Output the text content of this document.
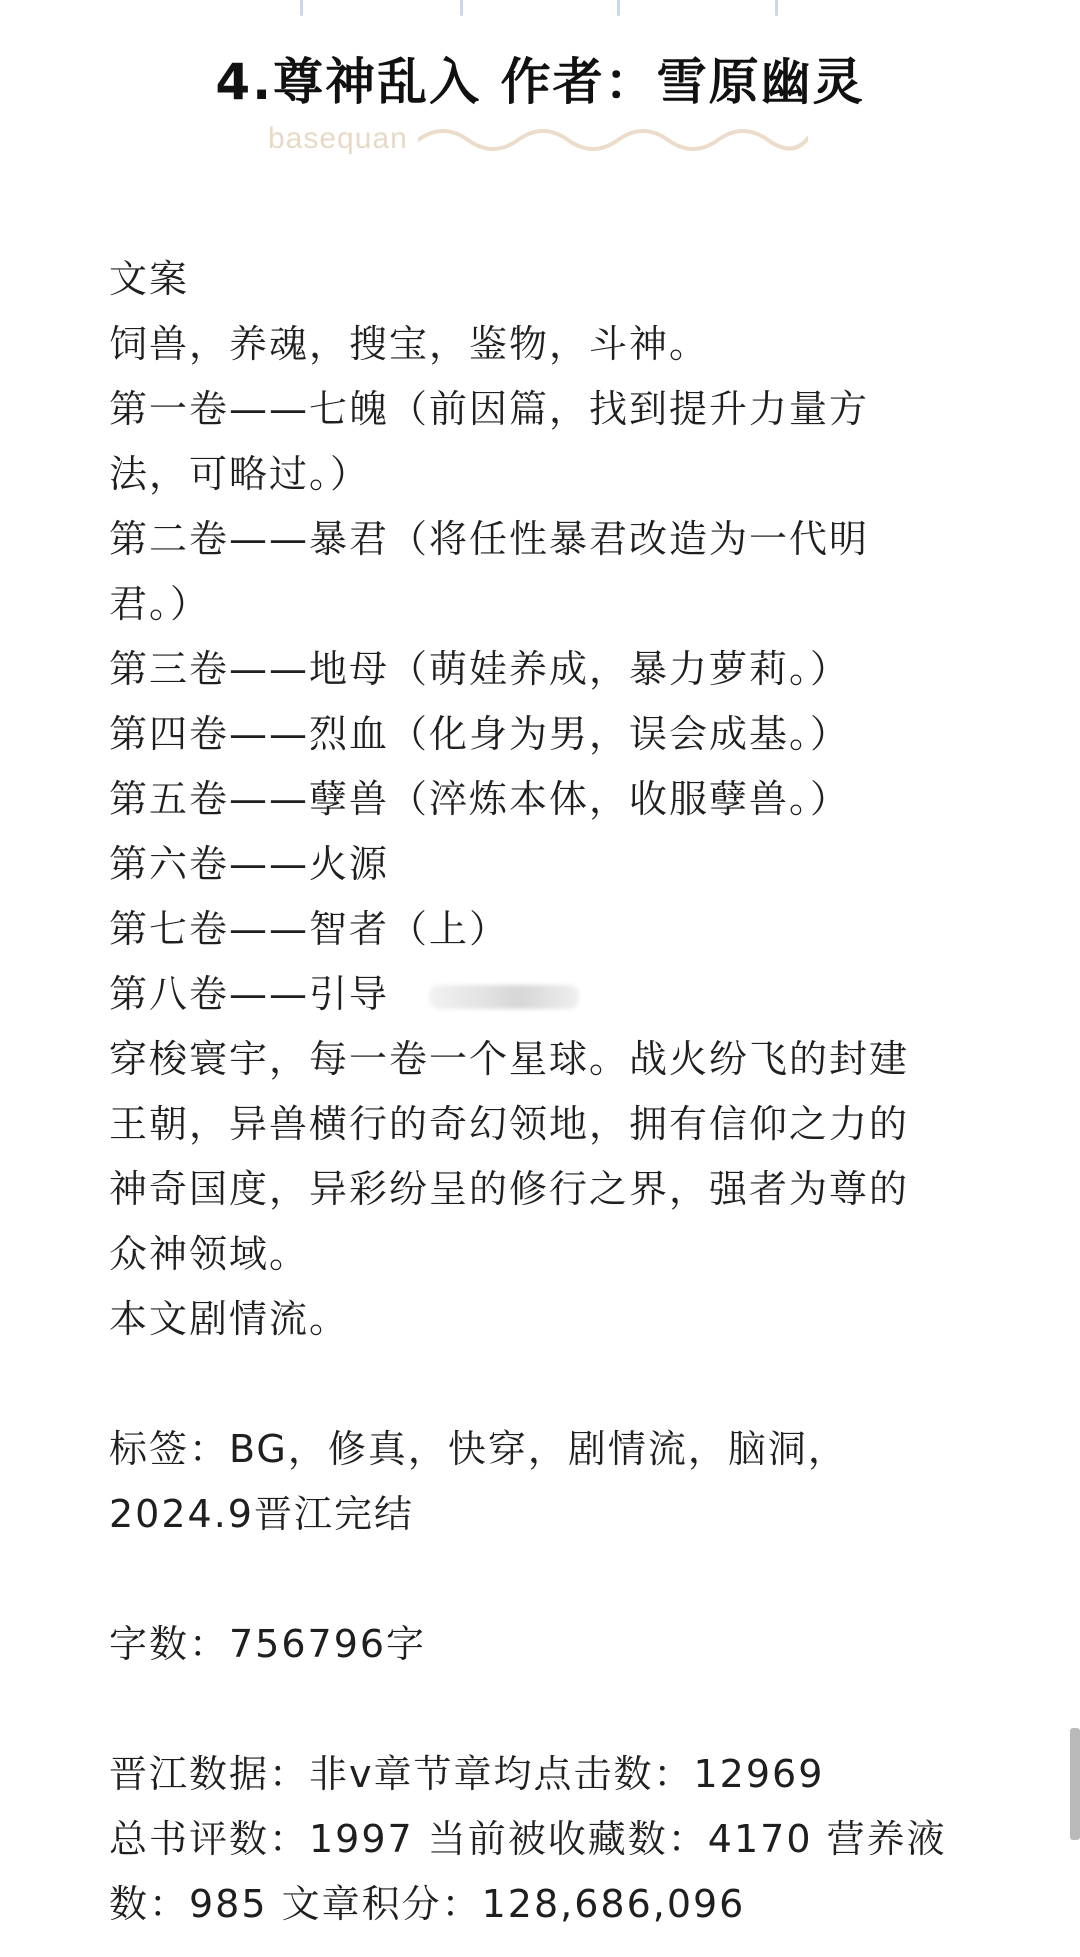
4.尊神乱入 作者：雪原幽灵
basequan
文案
饲兽，养魂，搜宝，鉴物，斗神。
第一卷——七魄（前因篇，找到提升力量方
法，可略过。）
第二卷——暴君（将任性暴君改造为一代明
君。）
第三卷——地母（萌娃养成，暴力萝莉。）
第四卷——烈血（化身为男，误会成基。）
第五卷——孽兽（淬炼本体，收服孽兽。）
第六卷——火源
第七卷——智者（上）
第八卷——引导
穿梭寰宇，每一卷一个星球。战火纷飞的封建
王朝，异兽横行的奇幻领地，拥有信仰之力的
神奇国度，异彩纷呈的修行之界，强者为尊的
众神领域。
本文剧情流。
标签：BG，修真，快穿，剧情流，脑洞，
2024.9晋江完结
字数：756796字
晋江数据：非v章节章均点击数：12969
总书评数：1997 当前被收藏数：4170 营养液
数：985 文章积分：128,686,096
